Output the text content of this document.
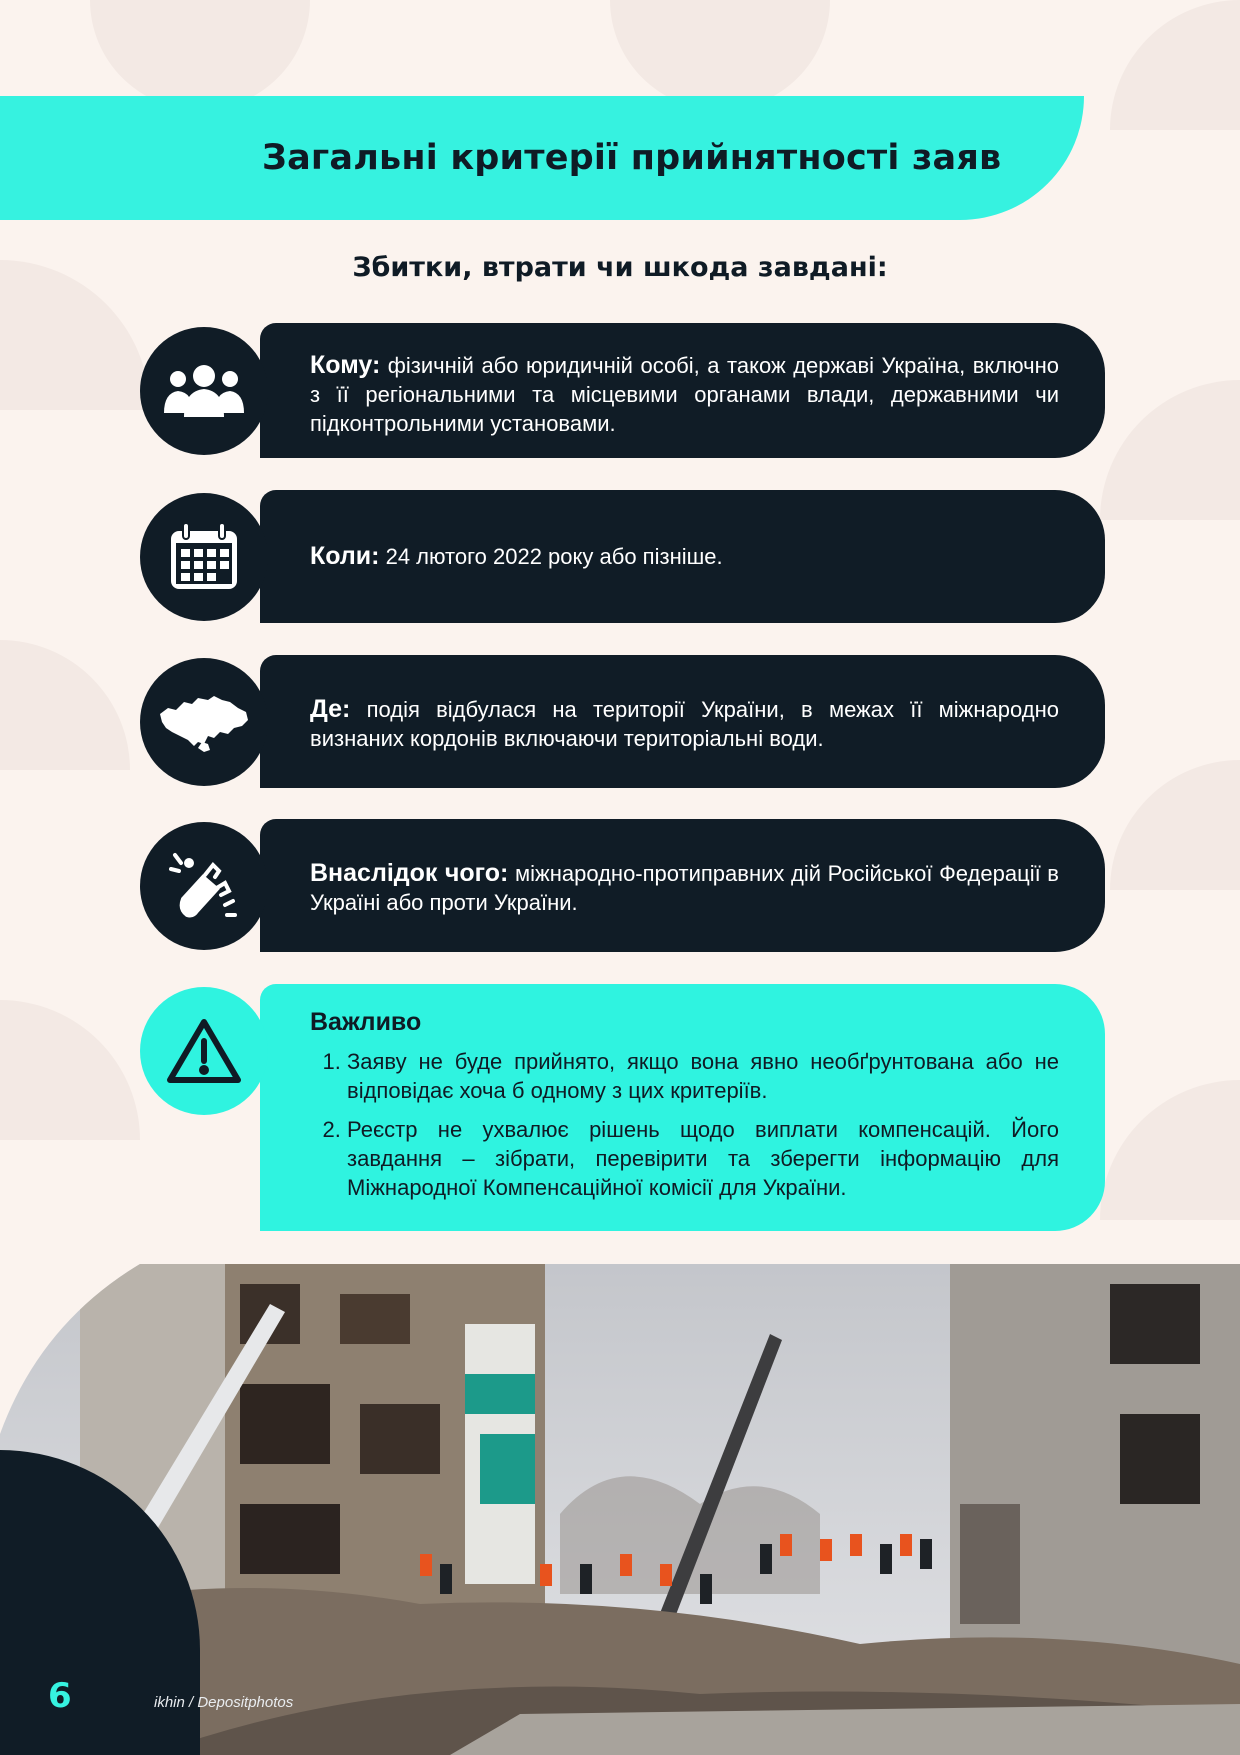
Загальні критерії прийнятності заяв
Збитки, втрати чи шкода завдані:
Кому: фізичній або юридичній особі, а також державі Україна, включно з її регіональними та місцевими органами влади, державними чи підконтрольними установами.
Коли: 24 лютого 2022 року або пізніше.
Де: подія відбулася на території України, в межах її міжнародно визнаних кордонів включаючи територіальні води.
Внаслідок чого: міжнародно-протиправних дій Російської Федерації в Україні або проти України.
Важливо
1. Заяву не буде прийнято, якщо вона явно необґрунтована або не відповідає хоча б одному з цих критеріїв.
2. Реєстр не ухвалює рішень щодо виплати компенсацій. Його завдання – зібрати, перевірити та зберегти інформацію для Міжнародної Компенсаційної комісії для України.
6	ikhin / Depositphotos
